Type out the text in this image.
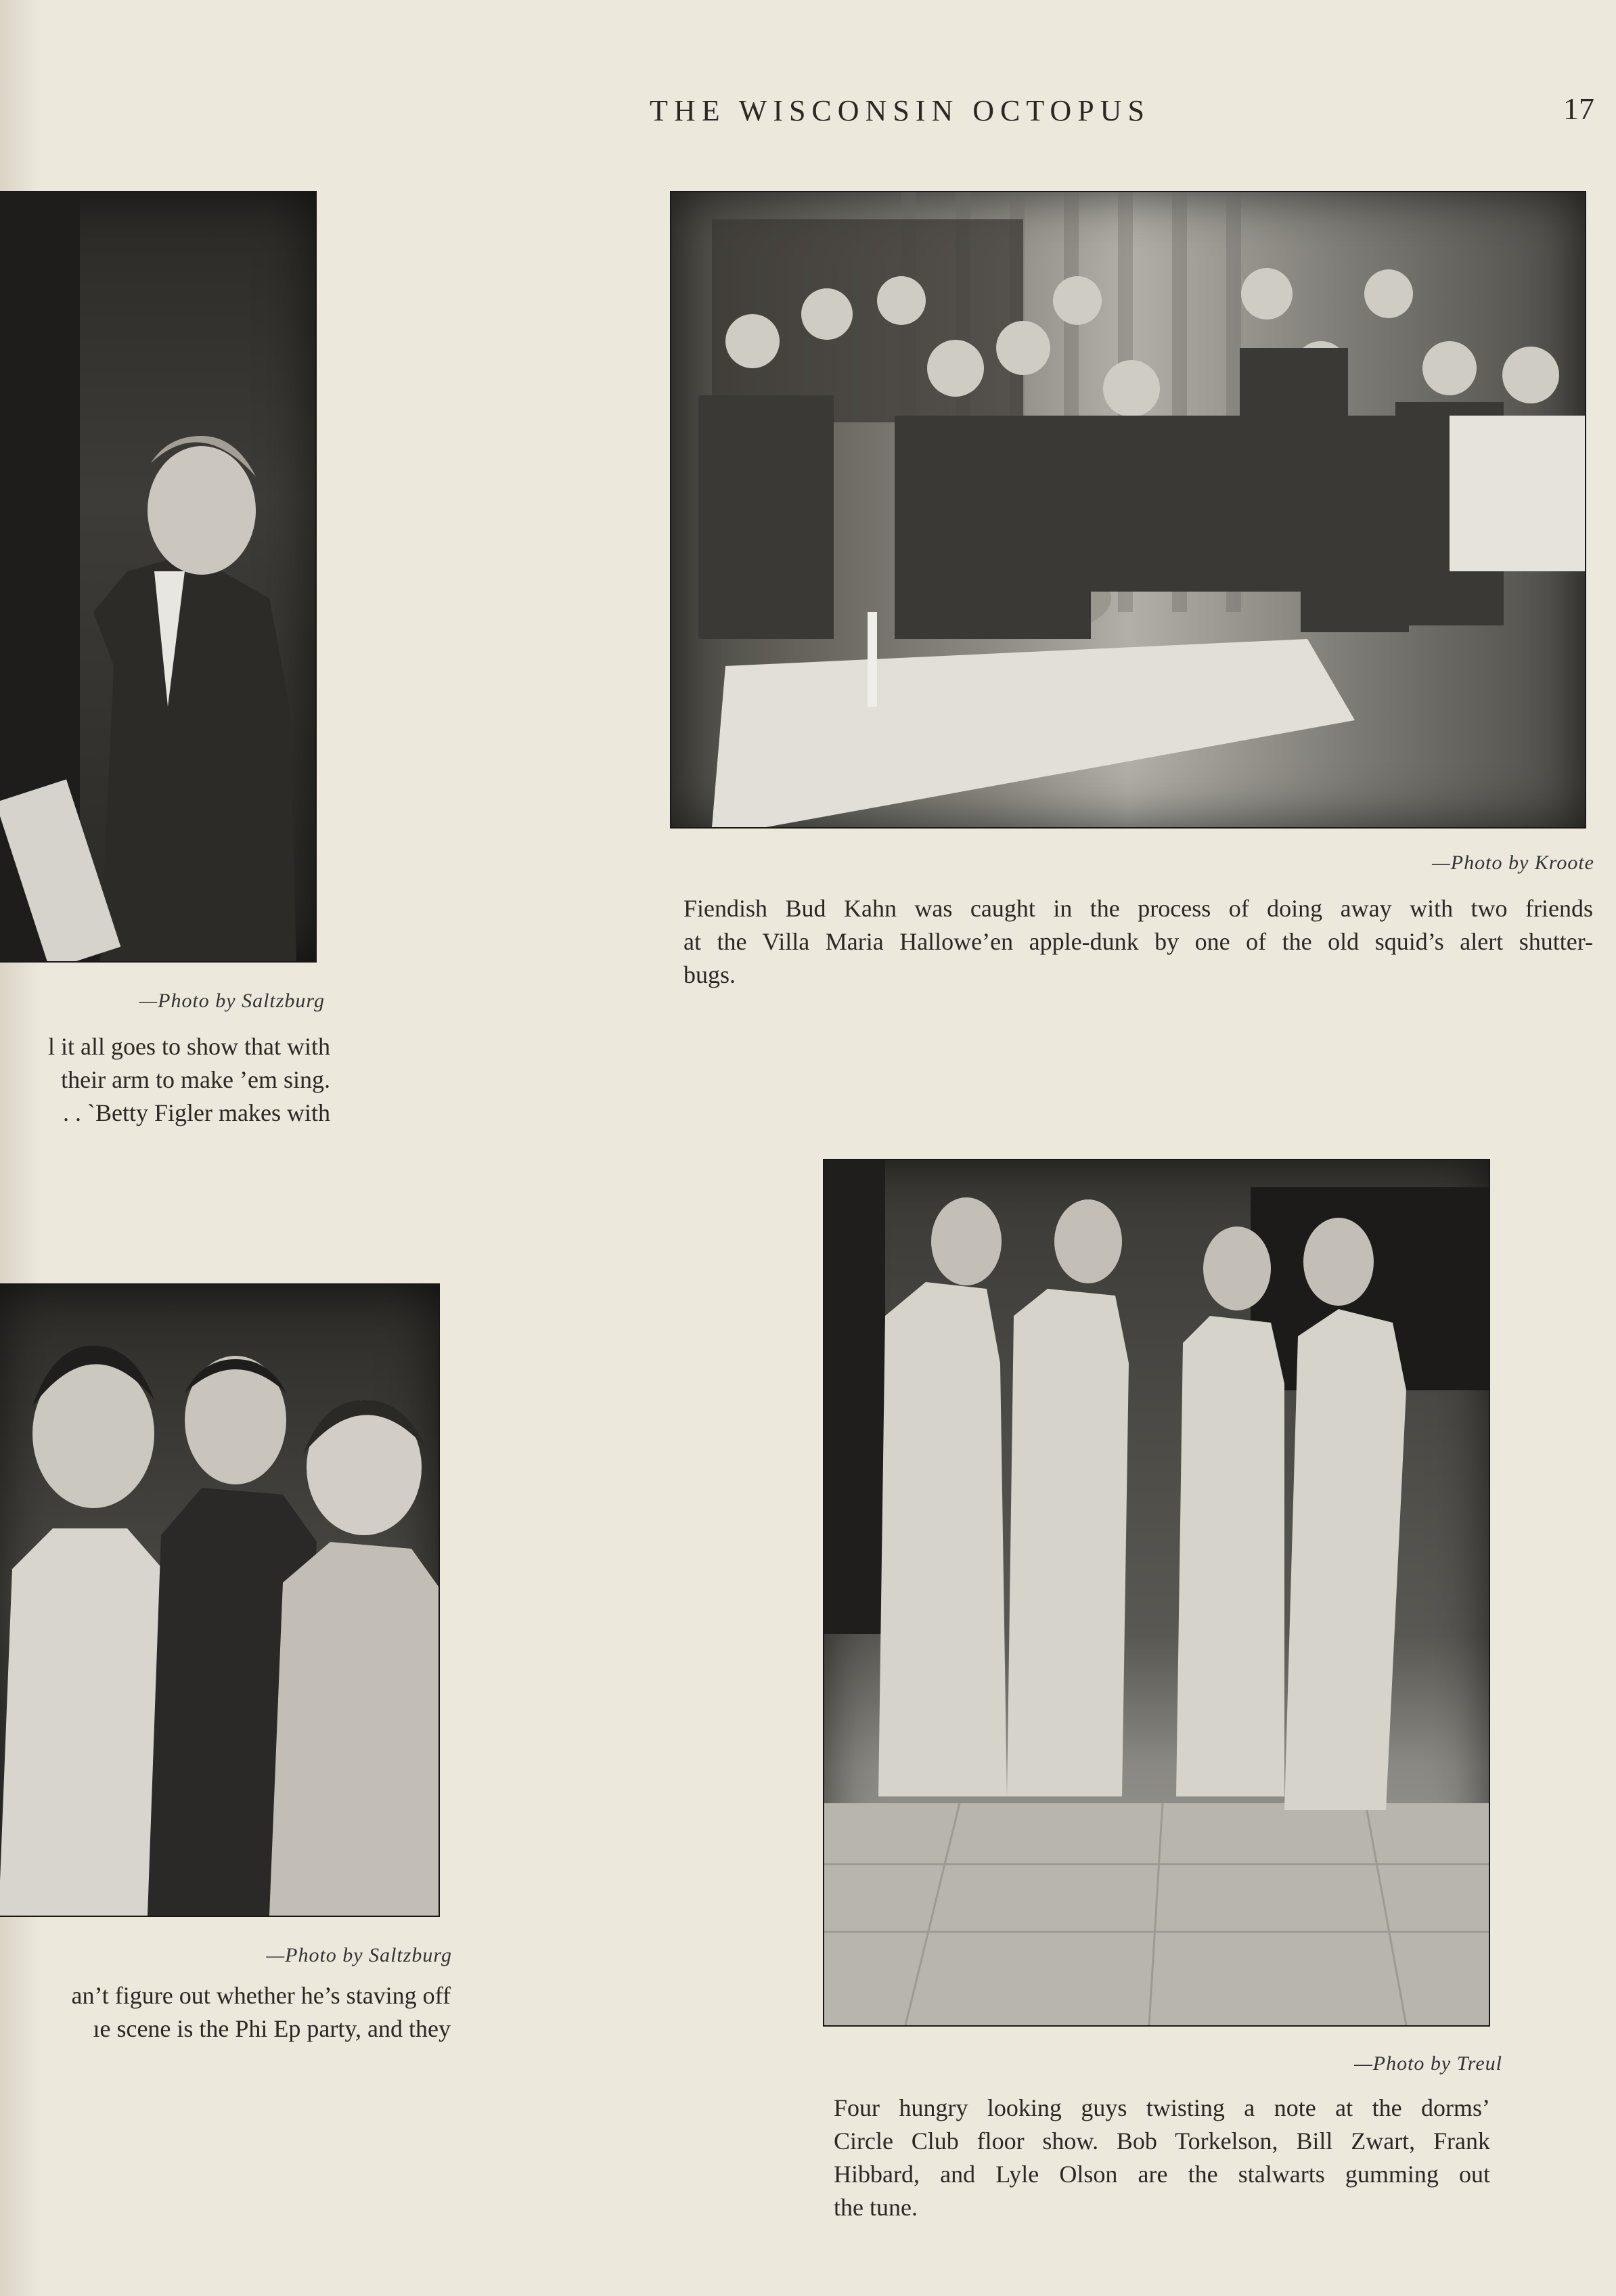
THE WISCONSIN OCTOPUS	17
—Photo by Saltzburg
l it all goes to show that with
their arm to make ’em sing.
. . `Betty Figler makes with
—Photo by Kroote
Fiendish Bud Kahn was caught in the process of doing away with two friends
at the Villa Maria Hallowe’en apple-dunk by one of the old squid’s alert shutter-
bugs.
—Photo by Saltzburg
an’t figure out whether he’s staving off
ıe scene is the Phi Ep party, and they
—Photo by Treul
Four hungry looking guys twisting a note at the dorms’
Circle Club floor show. Bob Torkelson, Bill Zwart, Frank
Hibbard, and Lyle Olson are the stalwarts gumming out
the tune.
